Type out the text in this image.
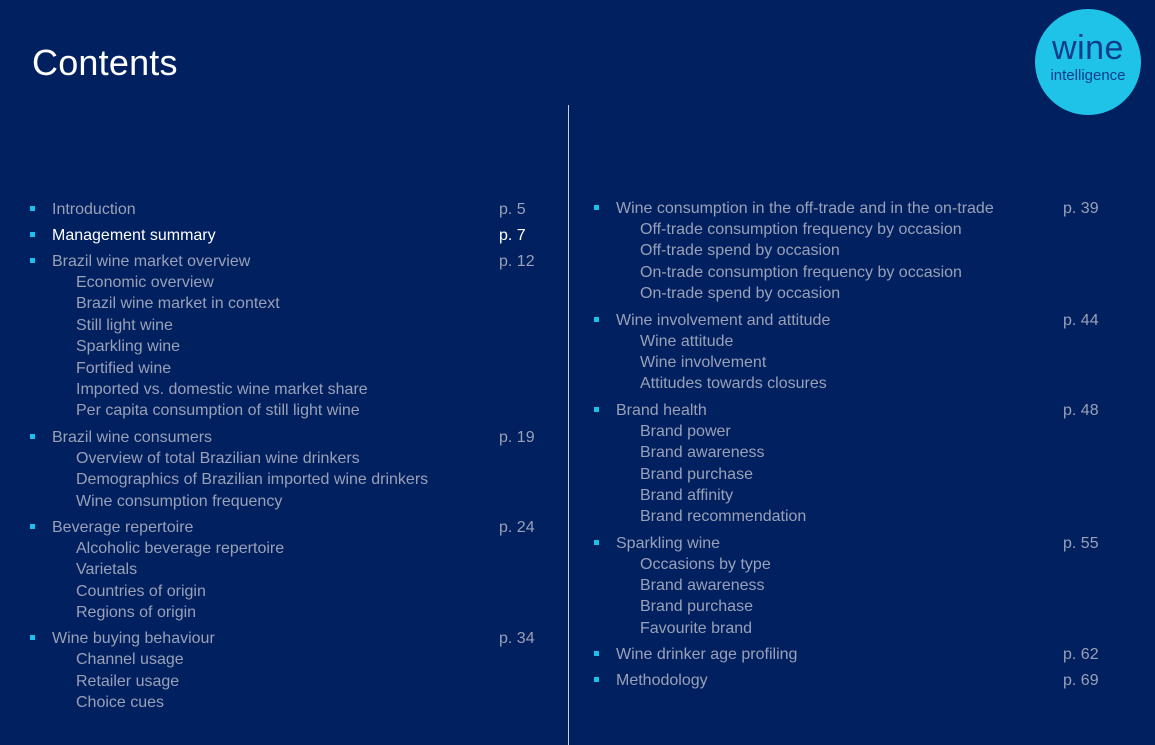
Contents	wine
intelligence
Introduction	p. 5
Management summary	p. 7
Brazil wine market overview	p. 12
Economic overview
Brazil wine market in context
Still light wine
Sparkling wine
Fortified wine
Imported vs. domestic wine market share
Per capita consumption of still light wine
Brazil wine consumers	p. 19
Overview of total Brazilian wine drinkers
Demographics of Brazilian imported wine drinkers
Wine consumption frequency
Beverage repertoire	p. 24
Alcoholic beverage repertoire
Varietals
Countries of origin
Regions of origin
Wine buying behaviour	p. 34
Channel usage
Retailer usage
Choice cues
Wine consumption in the off-trade and in the on-trade	p. 39
Off-trade consumption frequency by occasion
Off-trade spend by occasion
On-trade consumption frequency by occasion
On-trade spend by occasion
Wine involvement and attitude	p. 44
Wine attitude
Wine involvement
Attitudes towards closures
Brand health	p. 48
Brand power
Brand awareness
Brand purchase
Brand affinity
Brand recommendation
Sparkling wine	p. 55
Occasions by type
Brand awareness
Brand purchase
Favourite brand
Wine drinker age profiling	p. 62
Methodology	p. 69
